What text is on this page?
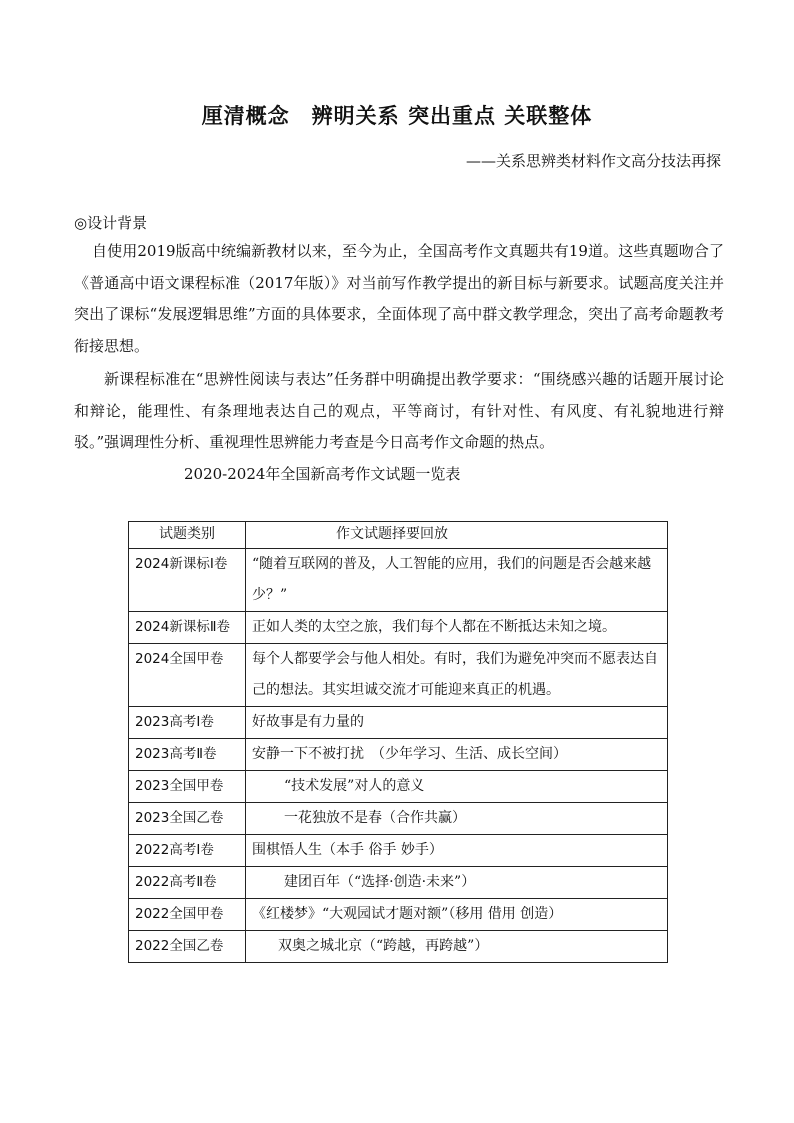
厘清概念　辨明关系 突出重点 关联整体

——关系思辨类材料作文高分技法再探

◎设计背景

自使用2019版高中统编新教材以来，至今为止，全国高考作文真题共有19道。这些真题吻合了《普通高中语文课程标准（2017年版）》对当前写作教学提出的新目标与新要求。试题高度关注并突出了课标“发展逻辑思维”方面的具体要求，全面体现了高中群文教学理念，突出了高考命题教考衔接思想。

新课程标准在“思辨性阅读与表达”任务群中明确提出教学要求：“围绕感兴趣的话题开展讨论和辩论，能理性、有条理地表达自己的观点，平等商讨，有针对性、有风度、有礼貌地进行辩驳。”强调理性分析、重视理性思辨能力考查是今日高考作文命题的热点。

2020-2024年全国新高考作文试题一览表

试题类别	作文试题择要回放
2024新课标Ⅰ卷	“随着互联网的普及，人工智能的应用，我们的问题是否会越来越少？”
2024新课标Ⅱ卷	正如人类的太空之旅，我们每个人都在不断抵达未知之境。
2024全国甲卷	每个人都要学会与他人相处。有时，我们为避免冲突而不愿表达自己的想法。其实坦诚交流才可能迎来真正的机遇。
2023高考Ⅰ卷	好故事是有力量的
2023高考Ⅱ卷	安静一下不被打扰　（少年学习、生活、成长空间）
2023全国甲卷	“技术发展”对人的意义
2023全国乙卷	一花独放不是春（合作共赢）
2022高考Ⅰ卷	围棋悟人生（本手 俗手 妙手）
2022高考Ⅱ卷	建团百年（“选择·创造·未来”）
2022全国甲卷	《红楼梦》“大观园试才题对额”（移用 借用 创造）
2022全国乙卷	双奥之城北京（“跨越，再跨越”）
